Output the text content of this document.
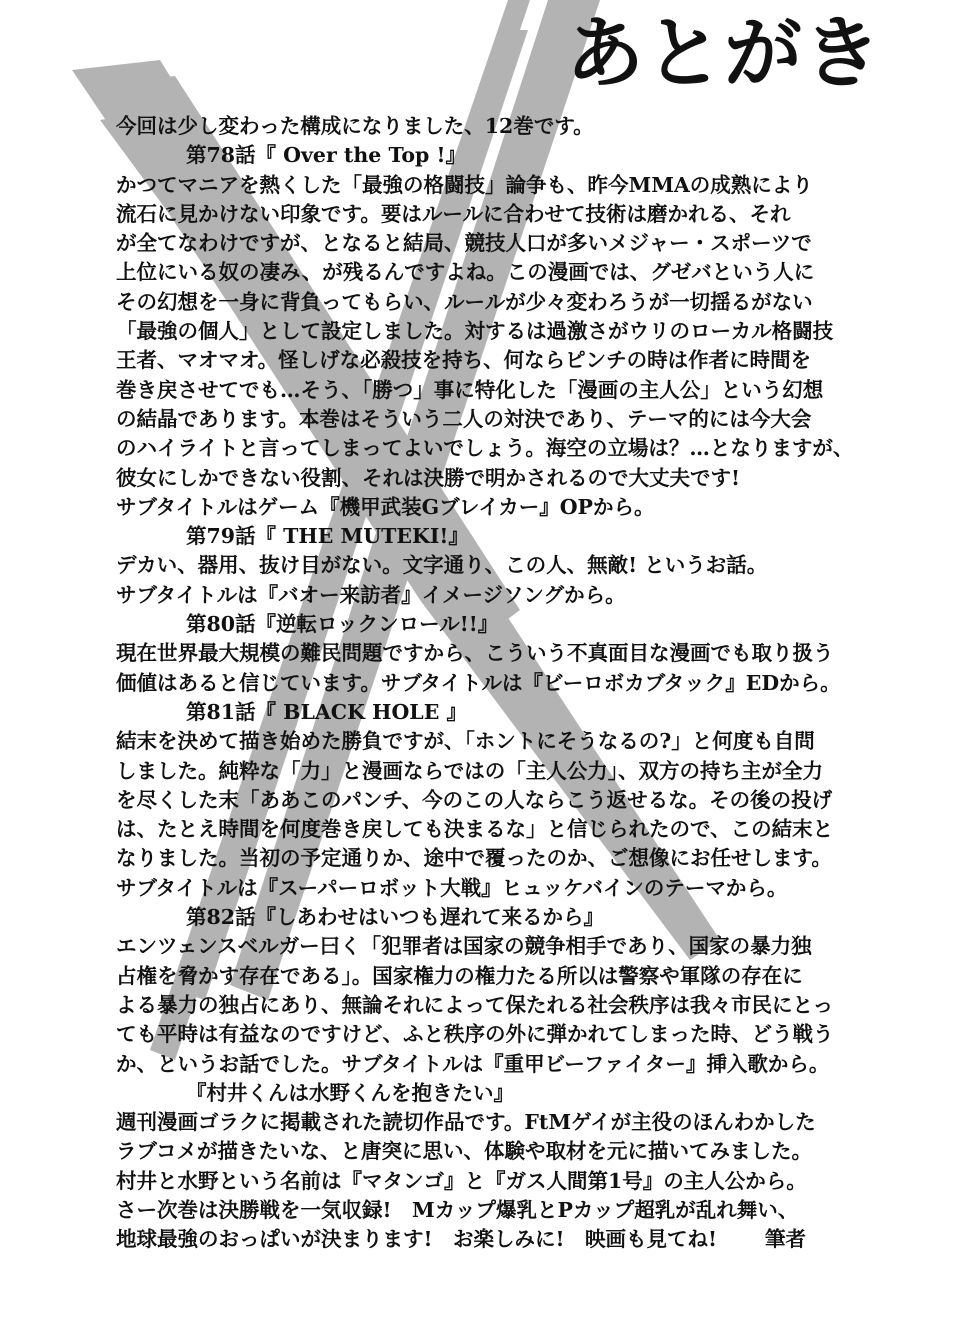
あとがき
今回は少し変わった構成になりました、12巻です。
第78話『 Over the Top !』
かつてマニアを熱くした「最強の格闘技」論争も、昨今MMAの成熟により
流石に見かけない印象です。要はルールに合わせて技術は磨かれる、それ
が全てなわけですが、となると結局、競技人口が多いメジャー・スポーツで
上位にいる奴の凄み、が残るんですよね。この漫画では、グゼバという人に
その幻想を一身に背負ってもらい、ルールが少々変わろうが一切揺るがない
「最強の個人」として設定しました。対するは過激さがウリのローカル格闘技
王者、マオマオ。怪しげな必殺技を持ち、何ならピンチの時は作者に時間を
巻き戻させてでも…そう、「勝つ」事に特化した「漫画の主人公」という幻想
の結晶であります。本巻はそういう二人の対決であり、テーマ的には今大会
のハイライトと言ってしまってよいでしょう。海空の立場は？…となりますが、
彼女にしかできない役割、それは決勝で明かされるので大丈夫です!
サブタイトルはゲーム『機甲武装Gブレイカー』OPから。
第79話『 THE MUTEKI!』
デカい、器用、抜け目がない。文字通り、この人、無敵! というお話。
サブタイトルは『バオー来訪者』イメージソングから。
第80話『逆転ロックンロール!!』
現在世界最大規模の難民問題ですから、こういう不真面目な漫画でも取り扱う
価値はあると信じています。サブタイトルは『ビーロボカブタック』EDから。
第81話『 BLACK HOLE 』
結末を決めて描き始めた勝負ですが、「ホントにそうなるの?」と何度も自問
しました。純粋な「力」と漫画ならではの「主人公力」、双方の持ち主が全力
を尽くした末「ああこのパンチ、今のこの人ならこう返せるな。その後の投げ
は、たとえ時間を何度巻き戻しても決まるな」と信じられたので、この結末と
なりました。当初の予定通りか、途中で覆ったのか、ご想像にお任せします。
サブタイトルは『スーパーロボット大戦』ヒュッケバインのテーマから。
第82話『しあわせはいつも遅れて来るから』
エンツェンスベルガー曰く「犯罪者は国家の競争相手であり、国家の暴力独
占権を脅かす存在である」。国家権力の権力たる所以は警察や軍隊の存在に
よる暴力の独占にあり、無論それによって保たれる社会秩序は我々市民にとっ
ても平時は有益なのですけど、ふと秩序の外に弾かれてしまった時、どう戦う
か、というお話でした。サブタイトルは『重甲ビーファイター』挿入歌から。
『村井くんは水野くんを抱きたい』
週刊漫画ゴラクに掲載された読切作品です。FtMゲイが主役のほんわかした
ラブコメが描きたいな、と唐突に思い、体験や取材を元に描いてみました。
村井と水野という名前は『マタンゴ』と『ガス人間第1号』の主人公から。
さー次巻は決勝戦を一気収録!　Mカップ爆乳とPカップ超乳が乱れ舞い、
地球最強のおっぱいが決まります!　お楽しみに!　映画も見てね! 筆者
